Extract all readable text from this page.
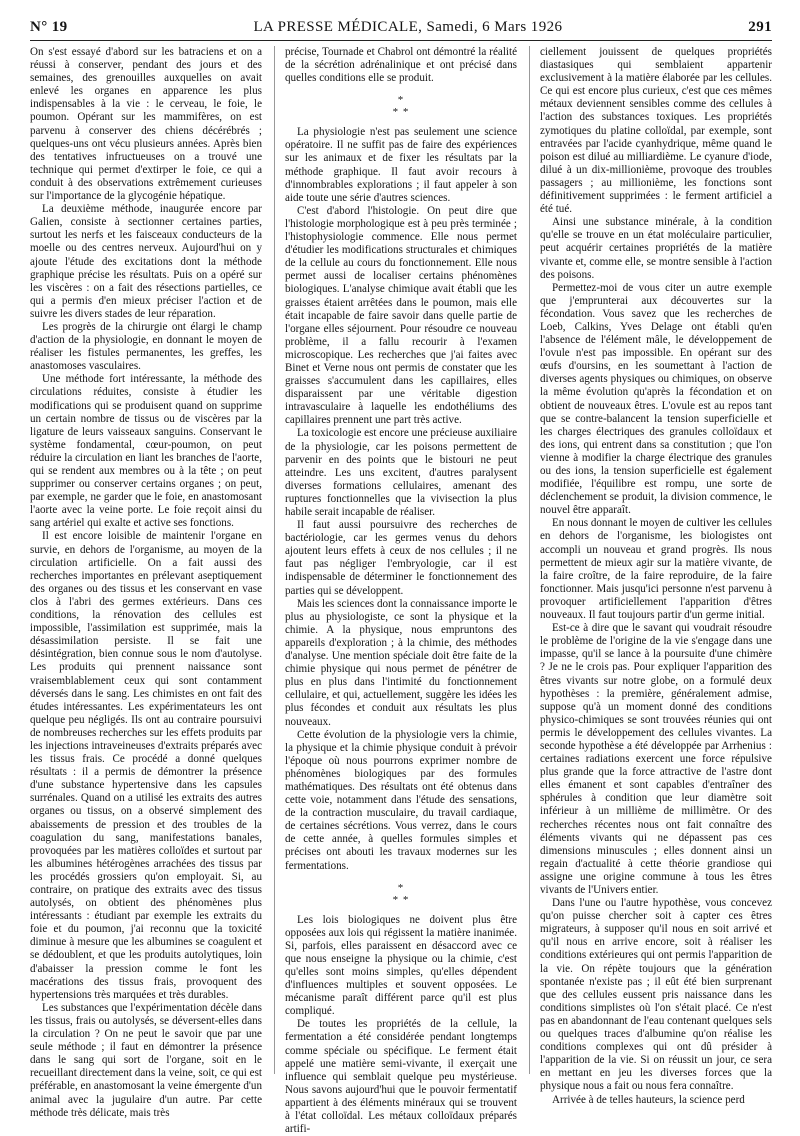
N° 19	LA PRESSE MÉDICALE, Samedi, 6 Mars 1926	291

On s'est essayé d'abord sur les batraciens et on a réussi à conserver, pendant des jours et des semaines, des grenouilles auxquelles on avait enlevé les organes en apparence les plus indispensables à la vie : le cerveau, le foie, le poumon. Opérant sur les mammifères, on est parvenu à conserver des chiens décérébrés ; quelques-uns ont vécu plusieurs années. Après bien des tentatives infructueuses on a trouvé une technique qui permet d'extirper le foie, ce qui a conduit à des observations extrêmement curieuses sur l'importance de la glycogénie hépatique.

La deuxième méthode, inaugurée encore par Galien, consiste à sectionner certaines parties, surtout les nerfs et les faisceaux conducteurs de la moelle ou des centres nerveux. Aujourd'hui on y ajoute l'étude des excitations dont la méthode graphique précise les résultats. Puis on a opéré sur les viscères : on a fait des résections partielles, ce qui a permis d'en mieux préciser l'action et de suivre les divers stades de leur réparation.

Les progrès de la chirurgie ont élargi le champ d'action de la physiologie, en donnant le moyen de réaliser les fistules permanentes, les greffes, les anastomoses vasculaires.

Une méthode fort intéressante, la méthode des circulations réduites, consiste à étudier les modifications qui se produisent quand on supprime un certain nombre de tissus ou de viscères par la ligature de leurs vaisseaux sanguins. Conservant le système fondamental, cœur-poumon, on peut réduire la circulation en liant les branches de l'aorte, qui se rendent aux membres ou à la tête ; on peut supprimer ou conserver certains organes ; on peut, par exemple, ne garder que le foie, en anastomosant l'aorte avec la veine porte. Le foie reçoit ainsi du sang artériel qui exalte et active ses fonctions.

Il est encore loisible de maintenir l'organe en survie, en dehors de l'organisme, au moyen de la circulation artificielle. On a fait aussi des recherches importantes en prélevant aseptiquement des organes ou des tissus et les conservant en vase clos à l'abri des germes extérieurs. Dans ces conditions, la rénovation des cellules est impossible, l'assimilation est supprimée, mais la désassimilation persiste. Il se fait une désintégration, bien connue sous le nom d'autolyse. Les produits qui prennent naissance sont vraisemblablement ceux qui sont contamment déversés dans le sang. Les chimistes en ont fait des études intéressantes. Les expérimentateurs les ont quelque peu négligés. Ils ont au contraire poursuivi de nombreuses recherches sur les effets produits par les injections intraveineuses d'extraits préparés avec les tissus frais. Ce procédé a donné quelques résultats : il a permis de démontrer la présence d'une substance hypertensive dans les capsules surrénales. Quand on a utilisé les extraits des autres organes ou tissus, on a observé simplement des abaissements de pression et des troubles de la coagulation du sang, manifestations banales, provoquées par les matières colloïdes et surtout par les albumines hétérogènes arrachées des tissus par les procédés grossiers qu'on employait. Si, au contraire, on pratique des extraits avec des tissus autolysés, on obtient des phénomènes plus intéressants : étudiant par exemple les extraits du foie et du poumon, j'ai reconnu que la toxicité diminue à mesure que les albumines se coagulent et se dédoublent, et que les produits autolytiques, loin d'abaisser la pression comme le font les macérations des tissus frais, provoquent des hypertensions très marquées et très durables.

Les substances que l'expérimentation décèle dans les tissus, frais ou autolysés, se déversent-elles dans la circulation ? On ne peut le savoir que par une seule méthode ; il faut en démontrer la présence dans le sang qui sort de l'organe, soit en le recueillant directement dans la veine, soit, ce qui est préférable, en anastomosant la veine émergente d'un animal avec la jugulaire d'un autre. Par cette méthode très délicate, mais très

précise, Tournade et Chabrol ont démontré la réalité de la sécrétion adrénalinique et ont précisé dans quelles conditions elle se produit.

*
* *

La physiologie n'est pas seulement une science opératoire. Il ne suffit pas de faire des expériences sur les animaux et de fixer les résultats par la méthode graphique. Il faut avoir recours à d'innombrables explorations ; il faut appeler à son aide toute une série d'autres sciences.

C'est d'abord l'histologie. On peut dire que l'histologie morphologique est à peu près terminée ; l'histophysiologie commence. Elle nous permet d'étudier les modifications structurales et chimiques de la cellule au cours du fonctionnement. Elle nous permet aussi de localiser certains phénomènes biologiques. L'analyse chimique avait établi que les graisses étaient arrêtées dans le poumon, mais elle était incapable de faire savoir dans quelle partie de l'organe elles séjournent. Pour résoudre ce nouveau problème, il a fallu recourir à l'examen microscopique. Les recherches que j'ai faites avec Binet et Verne nous ont permis de constater que les graisses s'accumulent dans les capillaires, elles disparaissent par une véritable digestion intravasculaire à laquelle les endothéliums des capillaires prennent une part très active.

La toxicologie est encore une précieuse auxiliaire de la physiologie, car les poisons permettent de parvenir en des points que le bistouri ne peut atteindre. Les uns excitent, d'autres paralysent diverses formations cellulaires, amenant des ruptures fonctionnelles que la vivisection la plus habile serait incapable de réaliser.

Il faut aussi poursuivre des recherches de bactériologie, car les germes venus du dehors ajoutent leurs effets à ceux de nos cellules ; il ne faut pas négliger l'embryologie, car il est indispensable de déterminer le fonctionnement des parties qui se développent.

Mais les sciences dont la connaissance importe le plus au physiologiste, ce sont la physique et la chimie. A la physique, nous empruntons des appareils d'exploration ; à la chimie, des méthodes d'analyse. Une mention spéciale doit être faite de la chimie physique qui nous permet de pénétrer de plus en plus dans l'intimité du fonctionnement cellulaire, et qui, actuellement, suggère les idées les plus fécondes et conduit aux résultats les plus nouveaux.

Cette évolution de la physiologie vers la chimie, la physique et la chimie physique conduit à prévoir l'époque où nous pourrons exprimer nombre de phénomènes biologiques par des formules mathématiques. Des résultats ont été obtenus dans cette voie, notamment dans l'étude des sensations, de la contraction musculaire, du travail cardiaque, de certaines sécrétions. Vous verrez, dans le cours de cette année, à quelles formules simples et précises ont abouti les travaux modernes sur les fermentations.

*
* *

Les lois biologiques ne doivent plus être opposées aux lois qui régissent la matière inanimée. Si, parfois, elles paraissent en désaccord avec ce que nous enseigne la physique ou la chimie, c'est qu'elles sont moins simples, qu'elles dépendent d'influences multiples et souvent opposées. Le mécanisme paraît différent parce qu'il est plus compliqué.

De toutes les propriétés de la cellule, la fermentation a été considérée pendant longtemps comme spéciale ou spécifique. Le ferment était appelé une matière semi-vivante, il exerçait une influence qui semblait quelque peu mystérieuse. Nous savons aujourd'hui que le pouvoir fermentatif appartient à des éléments minéraux qui se trouvent à l'état colloïdal. Les métaux colloïdaux préparés artifi-

ciellement jouissent de quelques propriétés diastasiques qui semblaient appartenir exclusivement à la matière élaborée par les cellules. Ce qui est encore plus curieux, c'est que ces mêmes métaux deviennent sensibles comme des cellules à l'action des substances toxiques. Les propriétés zymotiques du platine colloïdal, par exemple, sont entravées par l'acide cyanhydrique, même quand le poison est dilué au milliardième. Le cyanure d'iode, dilué à un dix-millionième, provoque des troubles passagers ; au millionième, les fonctions sont définitivement supprimées : le ferment artificiel a été tué.

Ainsi une substance minérale, à la condition qu'elle se trouve en un état moléculaire particulier, peut acquérir certaines propriétés de la matière vivante et, comme elle, se montre sensible à l'action des poisons.

Permettez-moi de vous citer un autre exemple que j'emprunterai aux découvertes sur la fécondation. Vous savez que les recherches de Loeb, Calkins, Yves Delage ont établi qu'en l'absence de l'élément mâle, le développement de l'ovule n'est pas impossible. En opérant sur des œufs d'oursins, en les soumettant à l'action de diverses agents physiques ou chimiques, on observe la même évolution qu'après la fécondation et on obtient de nouveaux êtres. L'ovule est au repos tant que se contre-balancent la tension superficielle et les charges électriques des granules colloïdaux et des ions, qui entrent dans sa constitution ; que l'on vienne à modifier la charge électrique des granules ou des ions, la tension superficielle est également modifiée, l'équilibre est rompu, une sorte de déclenchement se produit, la division commence, le nouvel être apparaît.

En nous donnant le moyen de cultiver les cellules en dehors de l'organisme, les biologistes ont accompli un nouveau et grand progrès. Ils nous permettent de mieux agir sur la matière vivante, de la faire croître, de la faire reproduire, de la faire fonctionner. Mais jusqu'ici personne n'est parvenu à provoquer artificiellement l'apparition d'êtres nouveaux. Il faut toujours partir d'un germe initial.

Est-ce à dire que le savant qui voudrait résoudre le problème de l'origine de la vie s'engage dans une impasse, qu'il se lance à la poursuite d'une chimère ? Je ne le crois pas. Pour expliquer l'apparition des êtres vivants sur notre globe, on a formulé deux hypothèses : la première, généralement admise, suppose qu'à un moment donné des conditions physico-chimiques se sont trouvées réunies qui ont permis le développement des cellules vivantes. La seconde hypothèse a été développée par Arrhenius : certaines radiations exercent une force répulsive plus grande que la force attractive de l'astre dont elles émanent et sont capables d'entraîner des sphérules à condition que leur diamètre soit inférieur à un millième de millimètre. Or des recherches récentes nous ont fait connaître des éléments vivants qui ne dépassent pas ces dimensions minuscules ; elles donnent ainsi un regain d'actualité à cette théorie grandiose qui assigne une origine commune à tous les êtres vivants de l'Univers entier.

Dans l'une ou l'autre hypothèse, vous concevez qu'on puisse chercher soit à capter ces êtres migrateurs, à supposer qu'il nous en soit arrivé et qu'il nous en arrive encore, soit à réaliser les conditions extérieures qui ont permis l'apparition de la vie. On répète toujours que la génération spontanée n'existe pas ; il eût été bien surprenant que des cellules eussent pris naissance dans les conditions simplistes où l'on s'était placé. Ce n'est pas en abandonnant de l'eau contenant quelques sels ou quelques traces d'albumine qu'on réalise les conditions complexes qui ont dû présider à l'apparition de la vie. Si on réussit un jour, ce sera en mettant en jeu les diverses forces que la physique nous a fait ou nous fera connaître.

Arrivée à de telles hauteurs, la science perd
